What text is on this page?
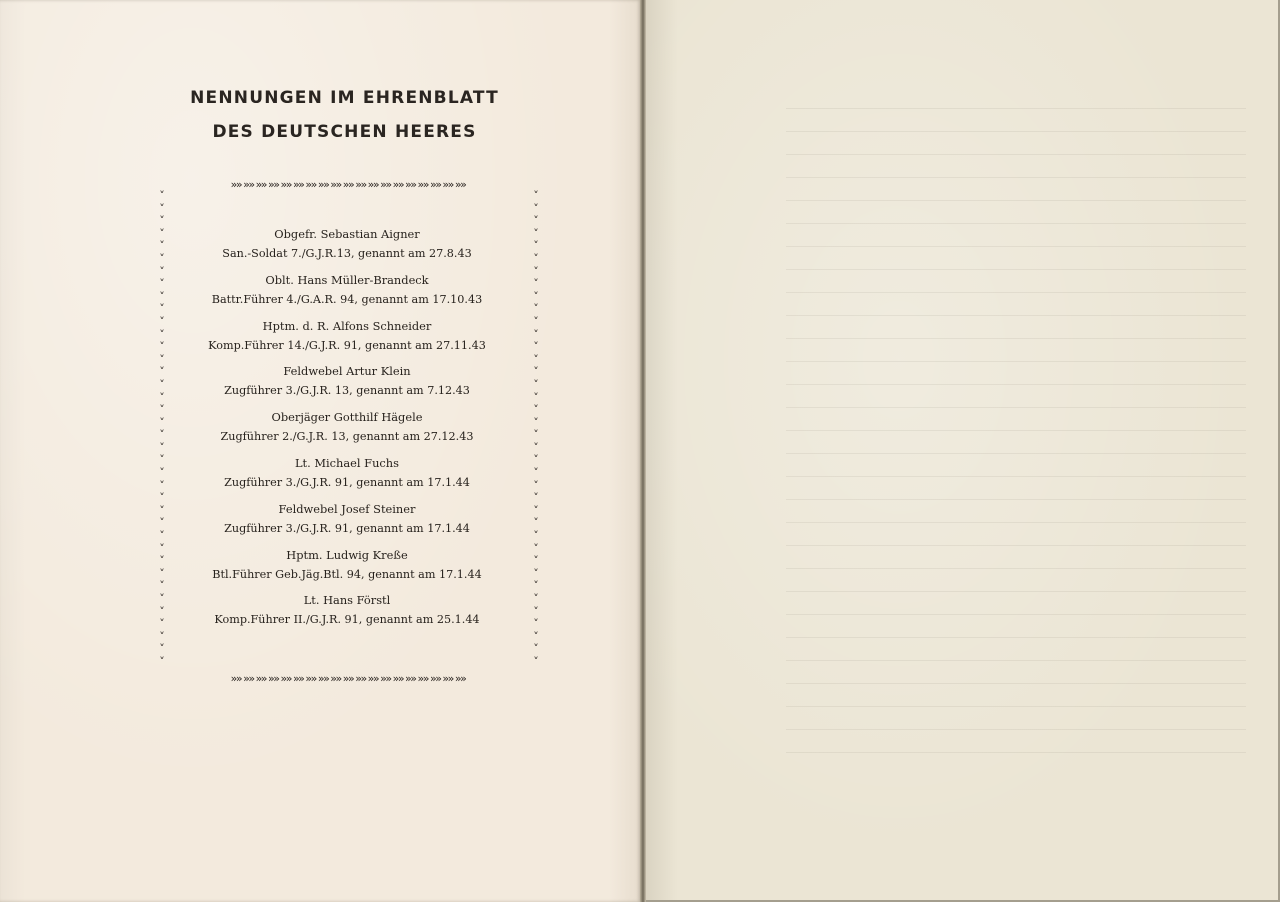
NENNUNGEN IM EHRENBLATT
DES DEUTSCHEN HEERES
»» »» »» »» »» »» »» »» »» »» »» »» »» »» »» »» »» »» »»
˅
˅
˅
˅
˅
˅
˅
˅
˅
˅
˅
˅
˅
˅
˅
˅
˅
˅
˅
˅
˅
˅
˅
˅
˅
˅
˅
˅
˅
˅
˅
˅
˅
˅
˅
˅
˅
˅

˅
˅
˅
˅
˅
˅
˅
˅
˅
˅
˅
˅
˅
˅
˅
˅
˅
˅
˅
˅
˅
˅
˅
˅
˅
˅
˅
˅
˅
˅
˅
˅
˅
˅
˅
˅
˅
˅

»» »» »» »» »» »» »» »» »» »» »» »» »» »» »» »» »» »» »»
Obgefr. Sebastian Aigner
San.-Soldat 7./G.J.R.13, genannt am 27.8.43
Oblt. Hans Müller-Brandeck
Battr.Führer 4./G.A.R. 94, genannt am 17.10.43
Hptm. d. R. Alfons Schneider
Komp.Führer 14./G.J.R. 91, genannt am 27.11.43
Feldwebel Artur Klein
Zugführer 3./G.J.R. 13, genannt am 7.12.43
Oberjäger Gotthilf Hägele
Zugführer 2./G.J.R. 13, genannt am 27.12.43
Lt. Michael Fuchs
Zugführer 3./G.J.R. 91, genannt am 17.1.44
Feldwebel Josef Steiner
Zugführer 3./G.J.R. 91, genannt am 17.1.44
Hptm. Ludwig Kreße
Btl.Führer Geb.Jäg.Btl. 94, genannt am 17.1.44
Lt. Hans Förstl
Komp.Führer II./G.J.R. 91, genannt am 25.1.44
